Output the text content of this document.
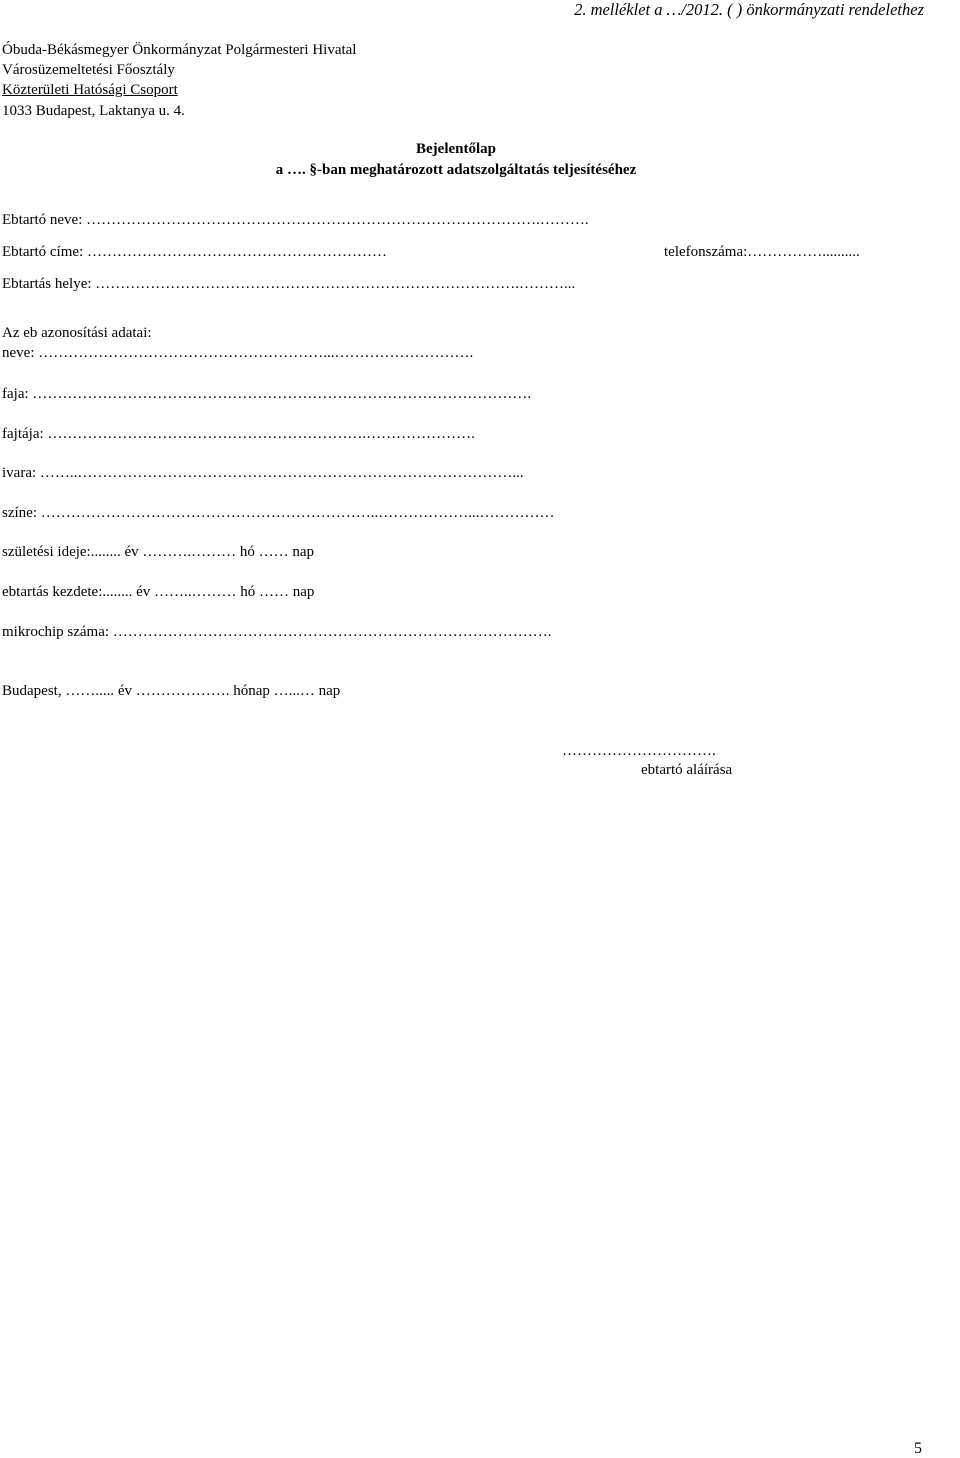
2. melléklet a …/2012. ( ) önkormányzati rendelethez
Óbuda-Békásmegyer Önkormányzat Polgármesteri Hivatal
Városüzemeltetési Főosztály
Közterületi Hatósági Csoport
1033 Budapest, Laktanya u. 4.
Bejelentőlap
a …. §-ban meghatározott adatszolgáltatás teljesítéséhez
Ebtartó neve: ……………………………………………………………………………….……….
Ebtartó címe: ……………………………………………………	telefonszáma:……………..........
Ebtartás helye: ………………………………………………………………………….………...
Az eb azonosítási adatai:
neve: …………………………………………………...……………………….
faja: ……………………………………………………………………………………….
fajtája: ……………………………………………………….………………….
ivara: ……..……………………………………………………………………………...
színe: …………………………………………………………..………………...……………
születési ideje:........ év ……….……… hó …… nap
ebtartás kezdete:........ év ……..……… hó …… nap
mikrochip száma: …………………………………………………………………………….
Budapest, ……..... év ………………. hónap …...… nap
………………………….
ebtartó aláírása
5
